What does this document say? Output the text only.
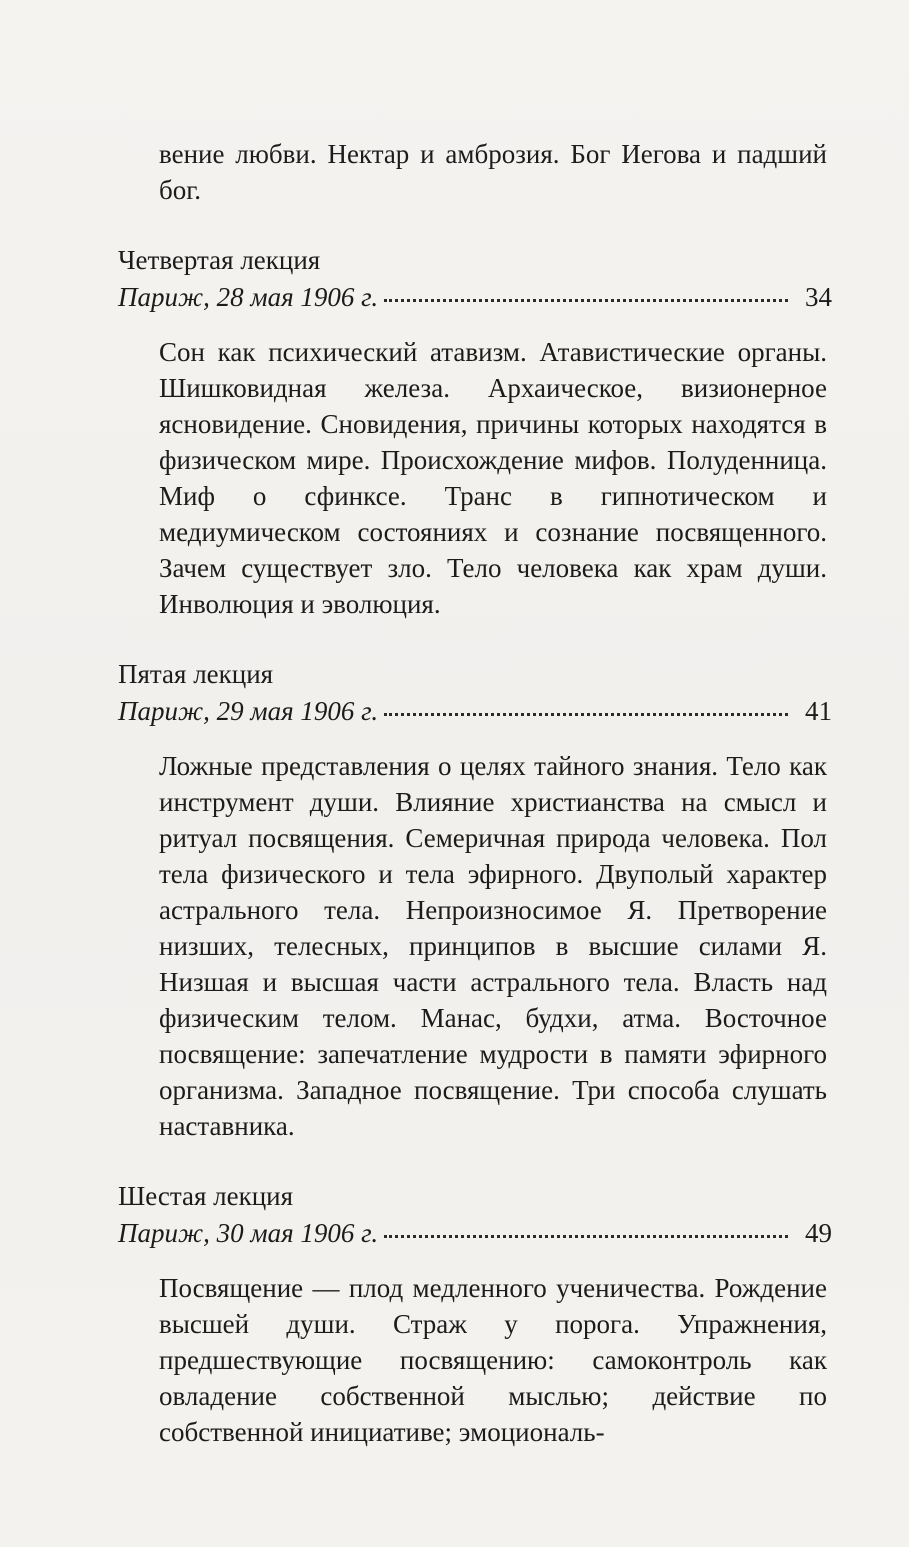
вение любви. Нектар и амброзия. Бог Иегова и падший бог.

Четвертая лекция

Париж, 28 мая 1906 г.	34
Сон как психический атавизм. Атавистические органы. Шишковидная железа. Архаическое, визионерное ясновидение. Сновидения, причины которых находятся в физическом мире. Происхождение мифов. Полуденница. Миф о сфинксе. Транс в гипнотическом и медиумическом состояниях и сознание посвященного. Зачем существует зло. Тело человека как храм души. Инволюция и эволюция.

Пятая лекция

Париж, 29 мая 1906 г.	41
Ложные представления о целях тайного знания. Тело как инструмент души. Влияние христианства на смысл и ритуал посвящения. Семеричная природа человека. Пол тела физического и тела эфирного. Двуполый характер астрального тела. Непроизносимое Я. Претворение низших, телесных, принципов в высшие силами Я. Низшая и высшая части астрального тела. Власть над физическим телом. Манас, будхи, атма. Восточное посвящение: запечатление мудрости в памяти эфирного организма. Западное посвящение. Три способа слушать наставника.

Шестая лекция

Париж, 30 мая 1906 г.	49
Посвящение — плод медленного ученичества. Рождение высшей души. Страж у порога. Упражнения, предшествующие посвящению: самоконтроль как овладение собственной мыслью; действие по собственной инициативе; эмоциональ-
